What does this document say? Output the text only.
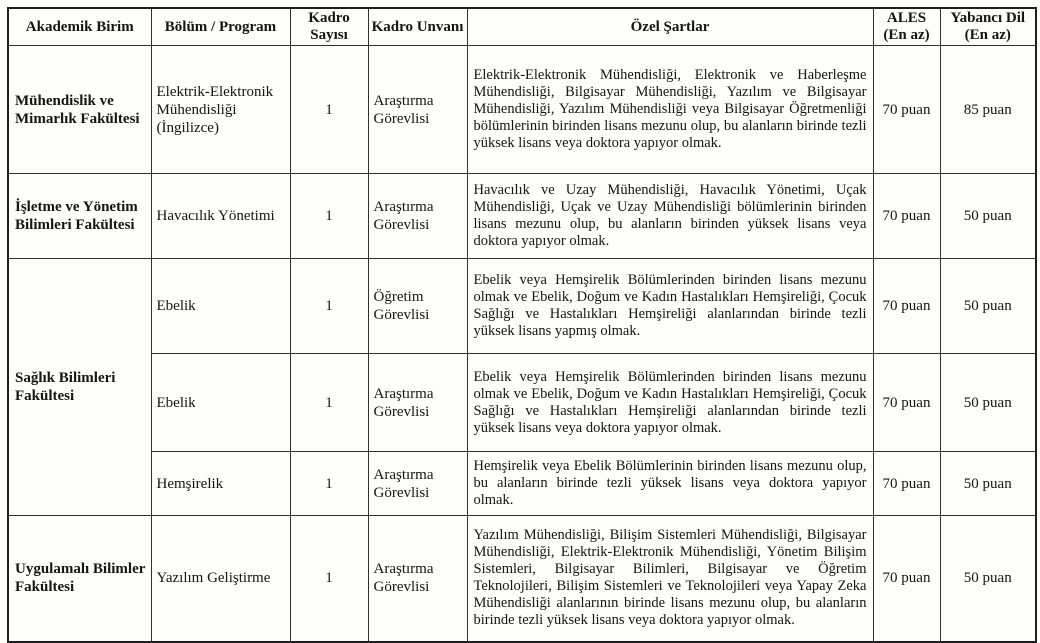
Akademik Birim	Bölüm / Program	Kadro Sayısı	Kadro Unvanı	Özel Şartlar	ALES (En az)	Yabancı Dil (En az)
Mühendislik ve Mimarlık Fakültesi	Elektrik-Elektronik Mühendisliği (İngilizce)	1	Araştırma Görevlisi	Elektrik-Elektronik Mühendisliği, Elektronik ve Haberleşme Mühendisliği, Bilgisayar Mühendisliği, Yazılım ve Bilgisayar Mühendisliği, Yazılım Mühendisliği veya Bilgisayar Öğretmenliği bölümlerinin birinden lisans mezunu olup, bu alanların birinde tezli yüksek lisans veya doktora yapıyor olmak.	70 puan	85 puan
İşletme ve Yönetim Bilimleri Fakültesi	Havacılık Yönetimi	1	Araştırma Görevlisi	Havacılık ve Uzay Mühendisliği, Havacılık Yönetimi, Uçak Mühendisliği, Uçak ve Uzay Mühendisliği bölümlerinin birinden lisans mezunu olup, bu alanların birinden yüksek lisans veya doktora yapıyor olmak.	70 puan	50 puan
Sağlık Bilimleri Fakültesi	Ebelik	1	Öğretim Görevlisi	Ebelik veya Hemşirelik Bölümlerinden birinden lisans mezunu olmak ve Ebelik, Doğum ve Kadın Hastalıkları Hemşireliği, Çocuk Sağlığı ve Hastalıkları Hemşireliği alanlarından birinde tezli yüksek lisans yapmış olmak.	70 puan	50 puan
	Ebelik	1	Araştırma Görevlisi	Ebelik veya Hemşirelik Bölümlerinden birinden lisans mezunu olmak ve Ebelik, Doğum ve Kadın Hastalıkları Hemşireliği, Çocuk Sağlığı ve Hastalıkları Hemşireliği alanlarından birinde tezli yüksek lisans veya doktora yapıyor olmak.	70 puan	50 puan
	Hemşirelik	1	Araştırma Görevlisi	Hemşirelik veya Ebelik Bölümlerinin birinden lisans mezunu olup, bu alanların birinde tezli yüksek lisans veya doktora yapıyor olmak.	70 puan	50 puan
Uygulamalı Bilimler Fakültesi	Yazılım Geliştirme	1	Araştırma Görevlisi	Yazılım Mühendisliği, Bilişim Sistemleri Mühendisliği, Bilgisayar Mühendisliği, Elektrik-Elektronik Mühendisliği, Yönetim Bilişim Sistemleri, Bilgisayar Bilimleri, Bilgisayar ve Öğretim Teknolojileri, Bilişim Sistemleri ve Teknolojileri veya Yapay Zeka Mühendisliği alanlarının birinde lisans mezunu olup, bu alanların birinde tezli yüksek lisans veya doktora yapıyor olmak.	70 puan	50 puan
